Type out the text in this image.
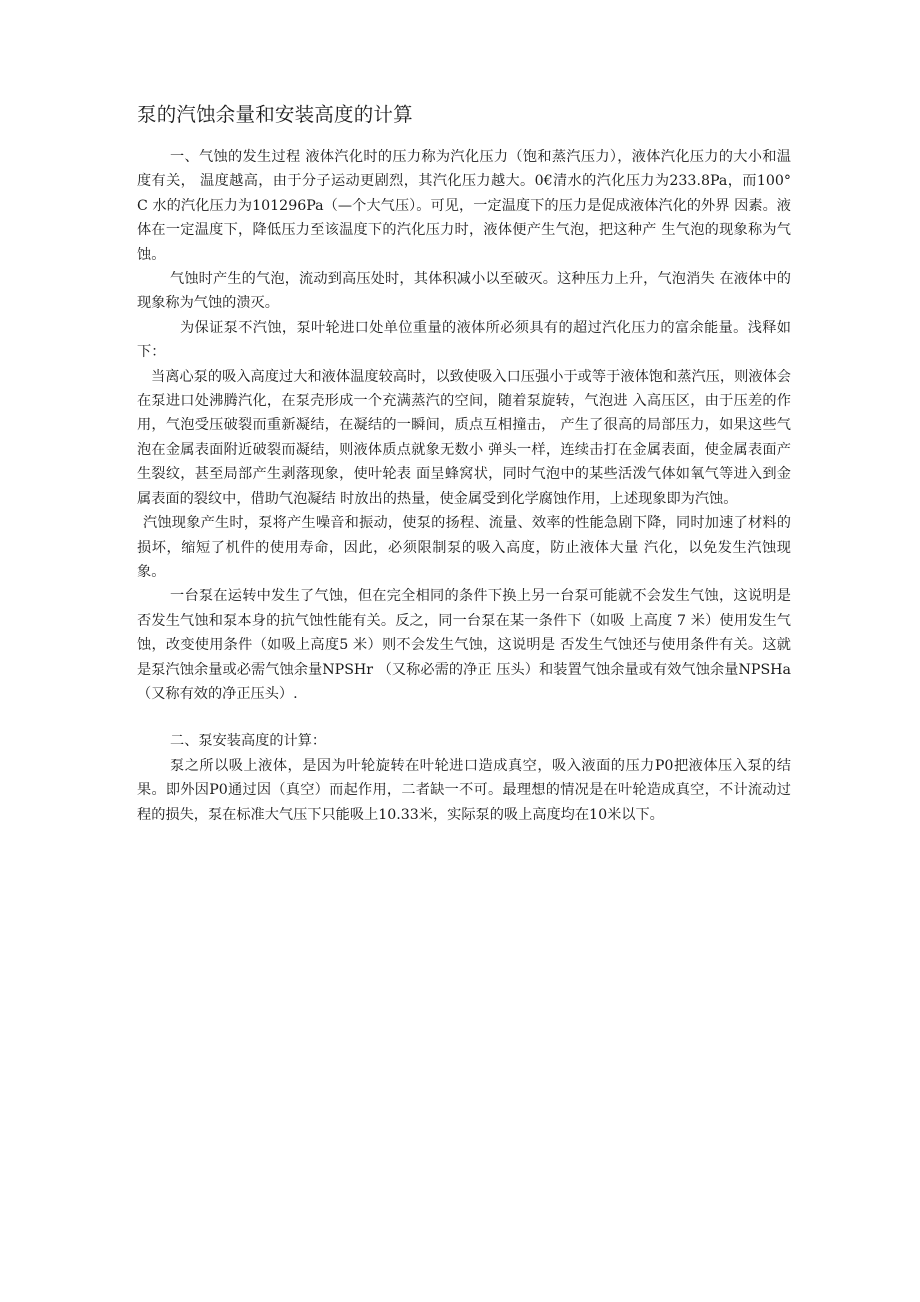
泵的汽蚀余量和安装高度的计算

一、气蚀的发生过程 液体汽化时的压力称为汽化压力（饱和蒸汽压力），液体汽化压力的大小和温度有关， 温度越高，由于分子运动更剧烈，其汽化压力越大。0€清水的汽化压力为233.8Pa，而100° C 水的汽化压力为101296Pa（—个大气压）。可见，一定温度下的压力是促成液体汽化的外界 因素。液体在一定温度下，降低压力至该温度下的汽化压力时，液体便产生气泡，把这种产 生气泡的现象称为气蚀。

气蚀时产生的气泡，流动到高压处时，其体积减小以至破灭。这种压力上升，气泡消失 在液体中的现象称为气蚀的溃灭。

为保证泵不汽蚀，泵叶轮进口处单位重量的液体所必须具有的超过汽化压力的富余能量。浅释如下：

当离心泵的吸入高度过大和液体温度较高时，以致使吸入口压强小于或等于液体饱和蒸汽压，则液体会在泵进口处沸腾汽化，在泵壳形成一个充满蒸汽的空间，随着泵旋转，气泡进 入高压区，由于压差的作用，气泡受压破裂而重新凝结，在凝结的一瞬间，质点互相撞击， 产生了很高的局部压力，如果这些气泡在金属表面附近破裂而凝结，则液体质点就象无数小 弹头一样，连续击打在金属表面，使金属表面产生裂纹，甚至局部产生剥落现象，使叶轮表 面呈蜂窝状，同时气泡中的某些活泼气体如氧气等进入到金属表面的裂纹中，借助气泡凝结 时放出的热量，使金属受到化学腐蚀作用，上述现象即为汽蚀。

汽蚀现象产生时，泵将产生噪音和振动，使泵的扬程、流量、效率的性能急剧下降，同时加速了材料的损坏，缩短了机件的使用寿命，因此，必须限制泵的吸入高度，防止液体大量 汽化，以免发生汽蚀现象。

一台泵在运转中发生了气蚀，但在完全相同的条件下换上另一台泵可能就不会发生气蚀，这说明是否发生气蚀和泵本身的抗气蚀性能有关。反之，同一台泵在某一条件下（如吸 上高度 7 米）使用发生气蚀，改变使用条件（如吸上高度5 米）则不会发生气蚀，这说明是 否发生气蚀还与使用条件有关。这就是泵汽蚀余量或必需气蚀余量NPSHr （又称必需的净正 压头）和装置气蚀余量或有效气蚀余量NPSHa （又称有效的净正压头）.

二、泵安装高度的计算：

泵之所以吸上液体，是因为叶轮旋转在叶轮进口造成真空，吸入液面的压力P0把液体压入泵的结果。即外因P0通过因（真空）而起作用，二者缺一不可。最理想的情况是在叶轮造成真空，不计流动过程的损失，泵在标准大气压下只能吸上10.33米，实际泵的吸上高度均在10米以下。
